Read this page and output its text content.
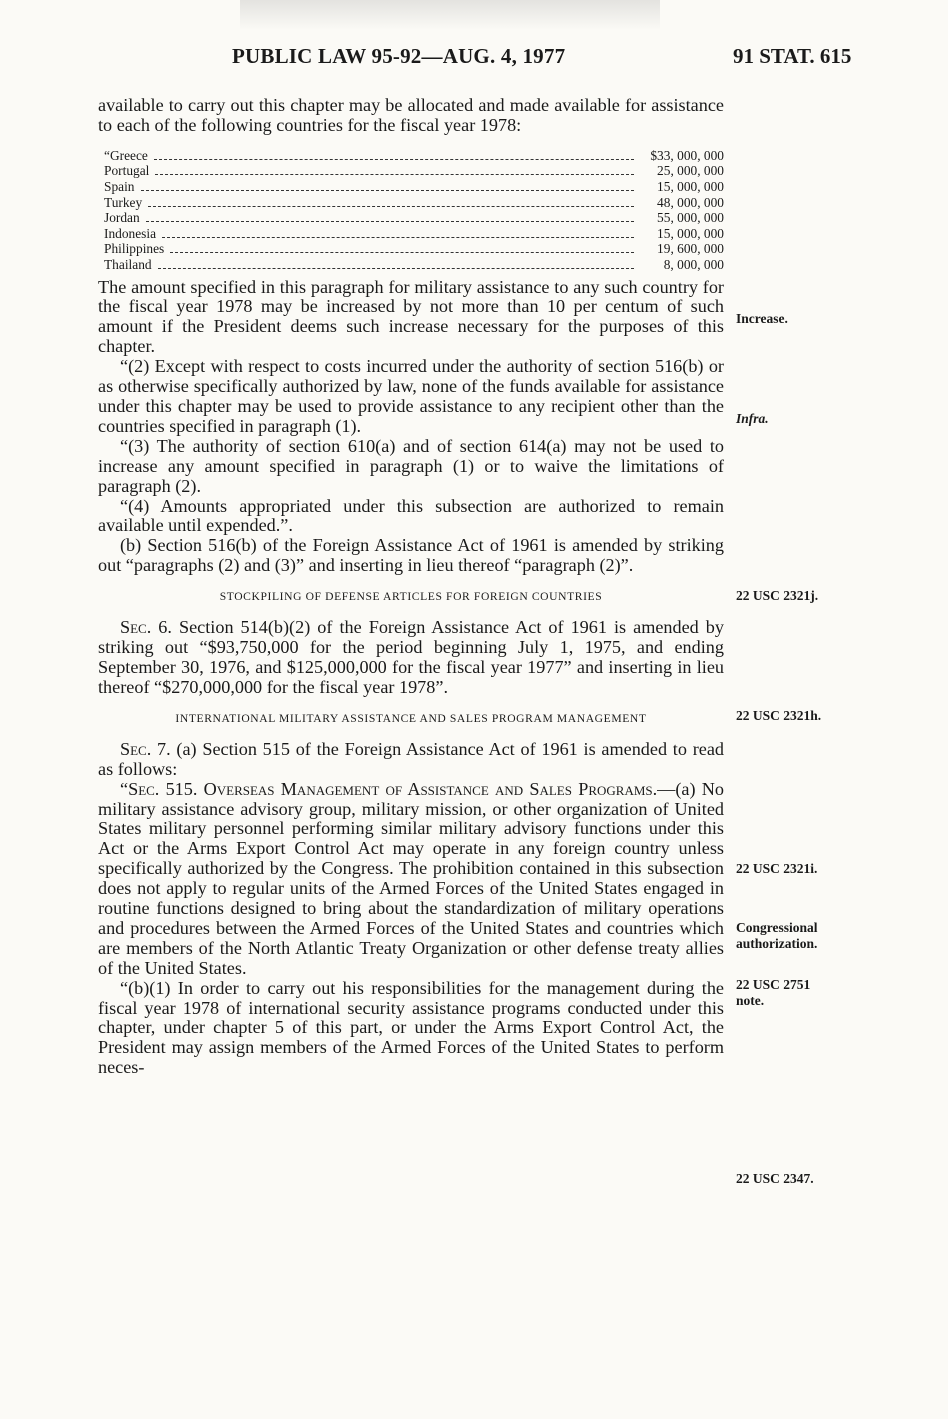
PUBLIC LAW 95-92—AUG. 4, 1977	91 STAT. 615

available to carry out this chapter may be allocated and made available for assistance to each of the following countries for the fiscal year 1978:

“Greece	$33, 000, 000
Portugal	25, 000, 000
Spain	15, 000, 000
Turkey	48, 000, 000
Jordan	55, 000, 000
Indonesia	15, 000, 000
Philippines	19, 600, 000
Thailand	8, 000, 000

The amount specified in this paragraph for military assistance to any such country for the fiscal year 1978 may be increased by not more than 10 per centum of such amount if the President deems such increase necessary for the purposes of this chapter.

“(2) Except with respect to costs incurred under the authority of section 516(b) or as otherwise specifically authorized by law, none of the funds available for assistance under this chapter may be used to provide assistance to any recipient other than the countries specified in paragraph (1).

“(3) The authority of section 610(a) and of section 614(a) may not be used to increase any amount specified in paragraph (1) or to waive the limitations of paragraph (2).

“(4) Amounts appropriated under this subsection are authorized to remain available until expended.”.

(b) Section 516(b) of the Foreign Assistance Act of 1961 is amended by striking out “paragraphs (2) and (3)” and inserting in lieu thereof “paragraph (2)”.

STOCKPILING OF DEFENSE ARTICLES FOR FOREIGN COUNTRIES

Sec. 6. Section 514(b)(2) of the Foreign Assistance Act of 1961 is amended by striking out “$93,750,000 for the period beginning July 1, 1975, and ending September 30, 1976, and $125,000,000 for the fiscal year 1977” and inserting in lieu thereof “$270,000,000 for the fiscal year 1978”.

INTERNATIONAL MILITARY ASSISTANCE AND SALES PROGRAM MANAGEMENT

Sec. 7. (a) Section 515 of the Foreign Assistance Act of 1961 is amended to read as follows:

“Sec. 515. Overseas Management of Assistance and Sales Programs.—(a) No military assistance advisory group, military mission, or other organization of United States military personnel performing similar military advisory functions under this Act or the Arms Export Control Act may operate in any foreign country unless specifically authorized by the Congress. The prohibition contained in this subsection does not apply to regular units of the Armed Forces of the United States engaged in routine functions designed to bring about the standardization of military operations and procedures between the Armed Forces of the United States and countries which are members of the North Atlantic Treaty Organization or other defense treaty allies of the United States.

“(b)(1) In order to carry out his responsibilities for the management during the fiscal year 1978 of international security assistance programs conducted under this chapter, under chapter 5 of this part, or under the Arms Export Control Act, the President may assign members of the Armed Forces of the United States to perform neces-

Increase.
Infra.
22 USC 2321j.
22 USC 2321h.
22 USC 2321i.
Congressional authorization.
22 USC 2751 note.
22 USC 2347.
